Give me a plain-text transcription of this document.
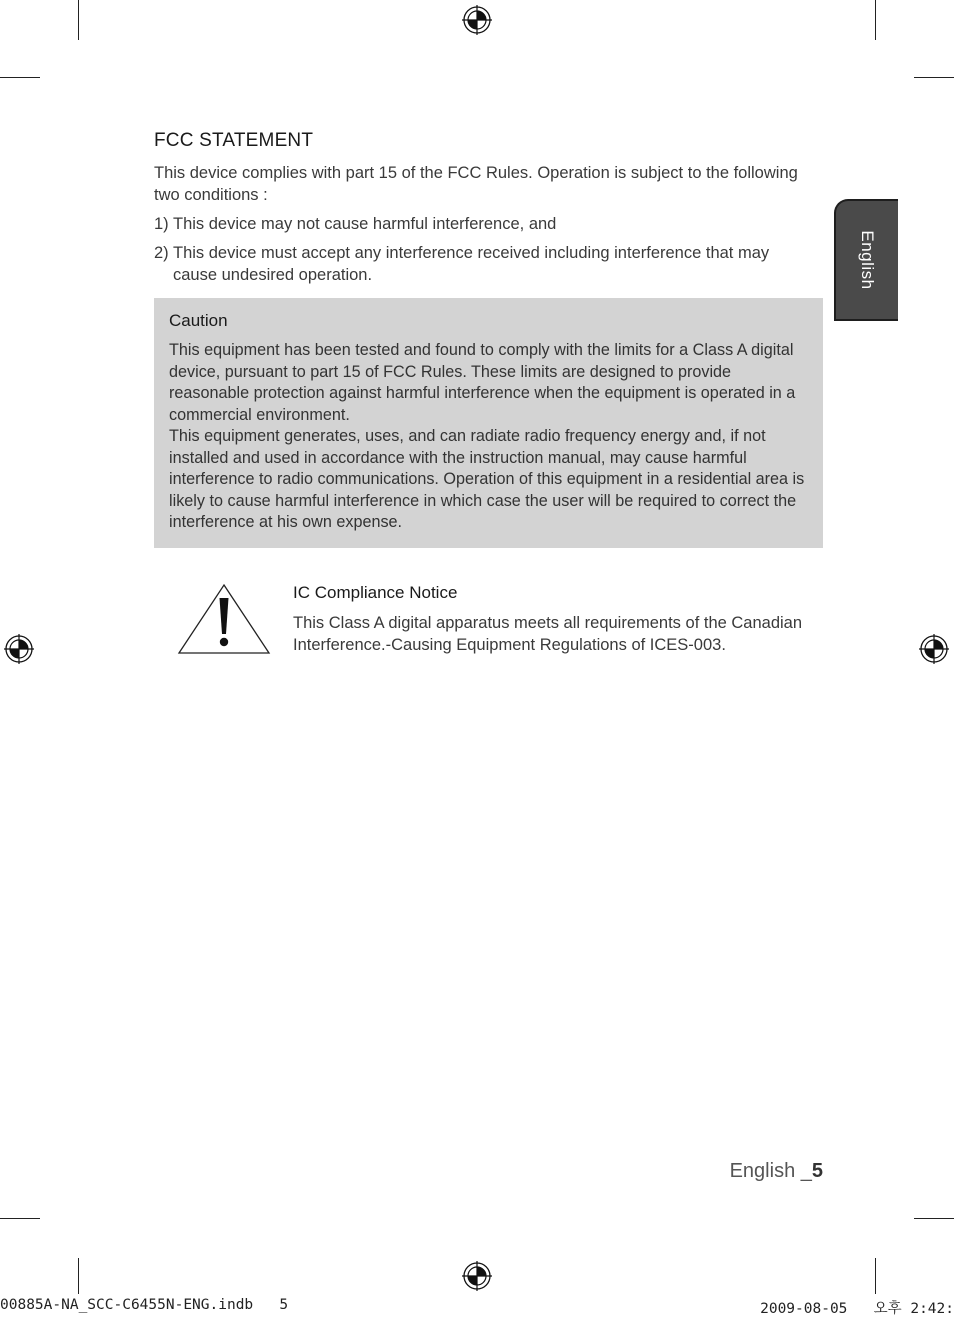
English
FCC STATEMENT
This device complies with part 15 of the FCC Rules. Operation is subject to the following two conditions :
1) This device may not cause harmful interference, and
2) This device must accept any interference received including interference that may cause undesired operation.
Caution

This equipment has been tested and found to comply with the limits for a Class A digital device, pursuant to part 15 of FCC Rules. These limits are designed to provide reasonable protection against harmful interference when the equipment is operated in a commercial environment.

This equipment generates, uses, and can radiate radio frequency energy and, if not installed and used in accordance with the instruction manual, may cause harmful interference to radio communications. Operation of this equipment in a residential area is likely to cause harmful interference in which case the user will be required to correct the interference at his own expense.

IC Compliance Notice
This Class A digital apparatus meets all requirements of the Canadian Interference.-Causing Equipment Regulations of ICES-003.
English _5
00885A-NA_SCC-C6455N-ENG.indb   5	2009-08-05   오후 2:42:
